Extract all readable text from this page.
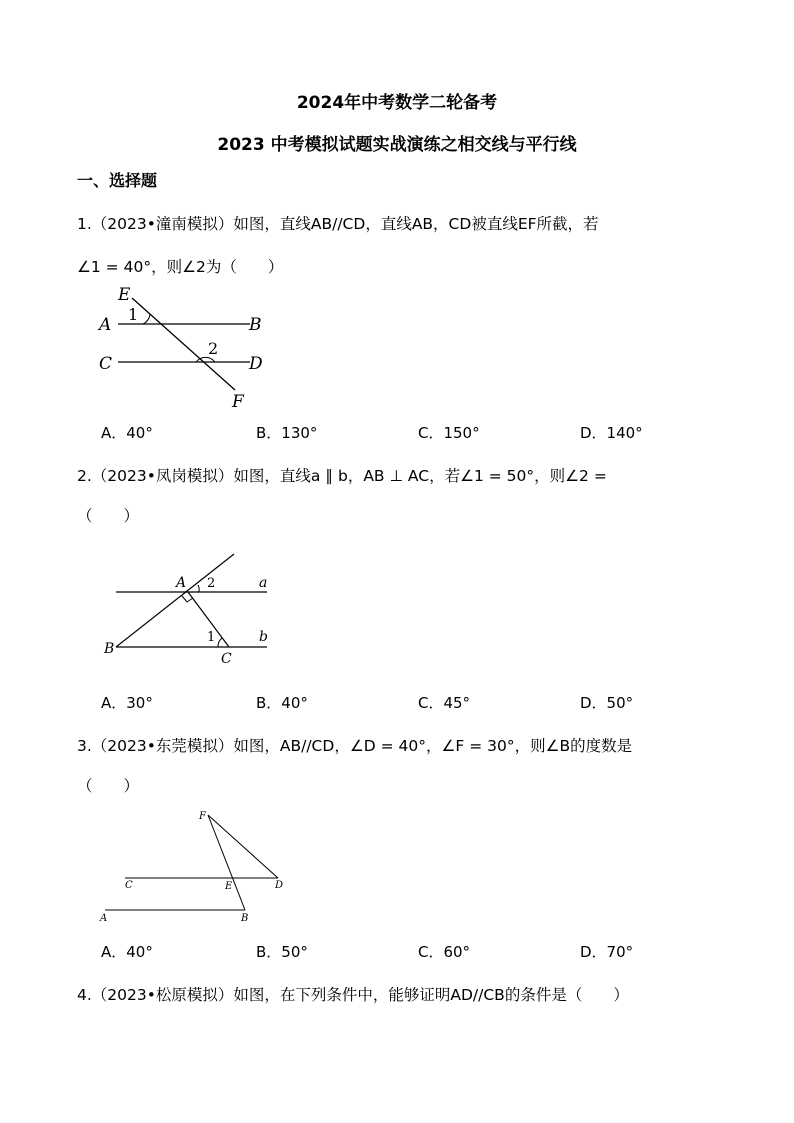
2024年中考数学二轮备考
2023 中考模拟试题实战演练之相交线与平行线
一、选择题
1.（2023•潼南模拟）如图，直线AB//CD，直线AB，CD被直线EF所截，若
∠1 = 40°，则∠2为（　　）
E
A	B
C	D
F
1
2
A．40°	B．130°	C．150°	D．140°
2.（2023•凤岗模拟）如图，直线a ∥ b，AB ⊥ AC，若∠1 = 50°，则∠2 =
（　　）
A
B
C
a
b
1
2
A．30°	B．40°	C．45°	D．50°
3.（2023•东莞模拟）如图，AB//CD，∠D = 40°，∠F = 30°，则∠B的度数是
（　　）
F
C	E	D
A	B
A．40°	B．50°	C．60°	D．70°
4.（2023•松原模拟）如图，在下列条件中，能够证明AD//CB的条件是（　　）
